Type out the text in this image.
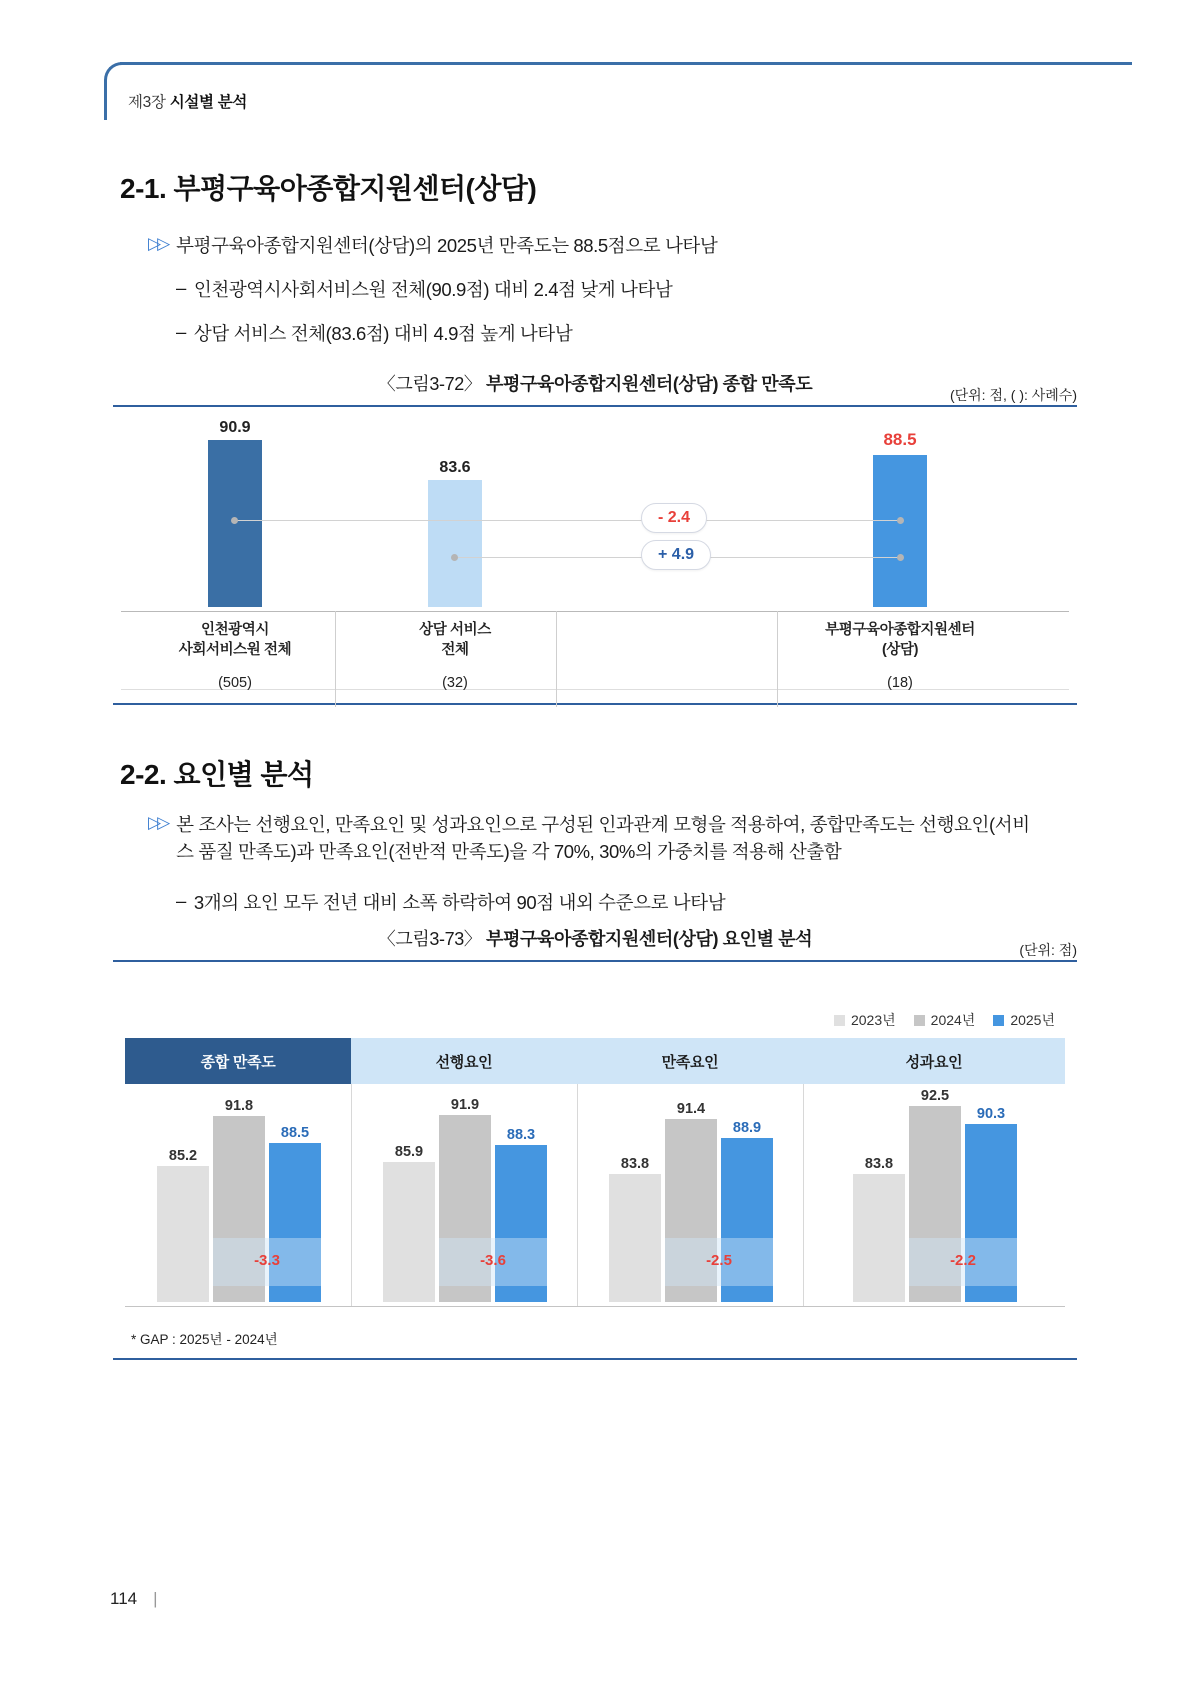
제3장 시설별 분석
2-1. 부평구육아종합지원센터(상담)
▷▷ 부평구육아종합지원센터(상담)의 2025년 만족도는 88.5점으로 나타남
– 인천광역시사회서비스원 전체(90.9점) 대비 2.4점 낮게 나타남
– 상담 서비스 전체(83.6점) 대비 4.9점 높게 나타남
〈그림3-72〉 부평구육아종합지원센터(상담) 종합 만족도
(단위: 점, ( ): 사례수)
90.9
83.6
88.5
- 2.4
+ 4.9
인천광역시
사회서비스원 전체
(505)
상담 서비스
전체
(32)
부평구육아종합지원센터
(상담)
(18)
2-2. 요인별 분석
▷▷ 본 조사는 선행요인, 만족요인 및 성과요인으로 구성된 인과관계 모형을 적용하여, 종합만족도는 선행요인(서비스 품질 만족도)과 만족요인(전반적 만족도)을 각 70%, 30%의 가중치를 적용해 산출함
– 3개의 요인 모두 전년 대비 소폭 하락하여 90점 내외 수준으로 나타남
〈그림3-73〉 부평구육아종합지원센터(상담) 요인별 분석
(단위: 점)
2023년	2024년	2025년
종합 만족도	선행요인	만족요인	성과요인
85.2
91.8
88.5
-3.3
85.9
91.9
88.3
-3.6
83.8
91.4
88.9
-2.5
83.8
92.5
90.3
-2.2
* GAP : 2025년 - 2024년
114 |
